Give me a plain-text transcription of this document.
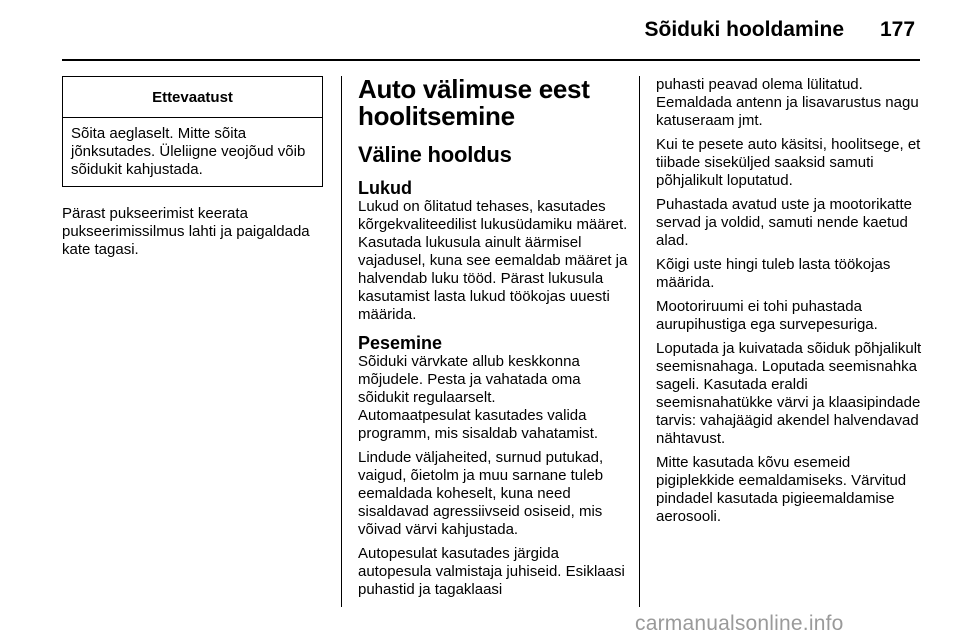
Sõiduki hooldamine 177
Ettevaatust
Sõita aeglaselt. Mitte sõita jõnksutades. Üleliigne veojõud võib sõidukit kahjustada.

Pärast pukseerimist keerata pukseerimissilmus lahti ja paigaldada kate tagasi.

Auto välimuse eest hoolitsemine
Väline hooldus
Lukud

Lukud on õlitatud tehases, kasutades kõrgekvaliteedilist lukusüdamiku määret. Kasutada lukusula ainult äärmisel vajadusel, kuna see eemaldab määret ja halvendab luku tööd. Pärast lukusula kasutamist lasta lukud töökojas uuesti määrida.

Pesemine

Sõiduki värvkate allub keskkonna mõjudele. Pesta ja vahatada oma sõidukit regulaarselt.

Automaatpesulat kasutades valida programm, mis sisaldab vahatamist.

Lindude väljaheited, surnud putukad, vaigud, õietolm ja muu sarnane tuleb eemaldada koheselt, kuna need sisaldavad agressiivseid osiseid, mis võivad värvi kahjustada.

Autopesulat kasutades järgida autopesula valmistaja juhiseid. Esiklaasi puhastid ja tagaklaasi

puhasti peavad olema lülitatud. Eemaldada antenn ja lisavarustus nagu katuseraam jmt.

Kui te pesete auto käsitsi, hoolitsege, et tiibade siseküljed saaksid samuti põhjalikult loputatud.

Puhastada avatud uste ja mootorikatte servad ja voldid, samuti nende kaetud alad.

Kõigi uste hingi tuleb lasta töökojas määrida.

Mootoriruumi ei tohi puhastada aurupihustiga ega survepesuriga.

Loputada ja kuivatada sõiduk põhjalikult seemisnahaga. Loputada seemisnahka sageli. Kasutada eraldi seemisnahatükke värvi ja klaasipindade tarvis: vahajäägid akendel halvendavad nähtavust.

Mitte kasutada kõvu esemeid pigiplekkide eemaldamiseks. Värvitud pindadel kasutada pigieemaldamise aerosooli.

carmanualsonline.info
